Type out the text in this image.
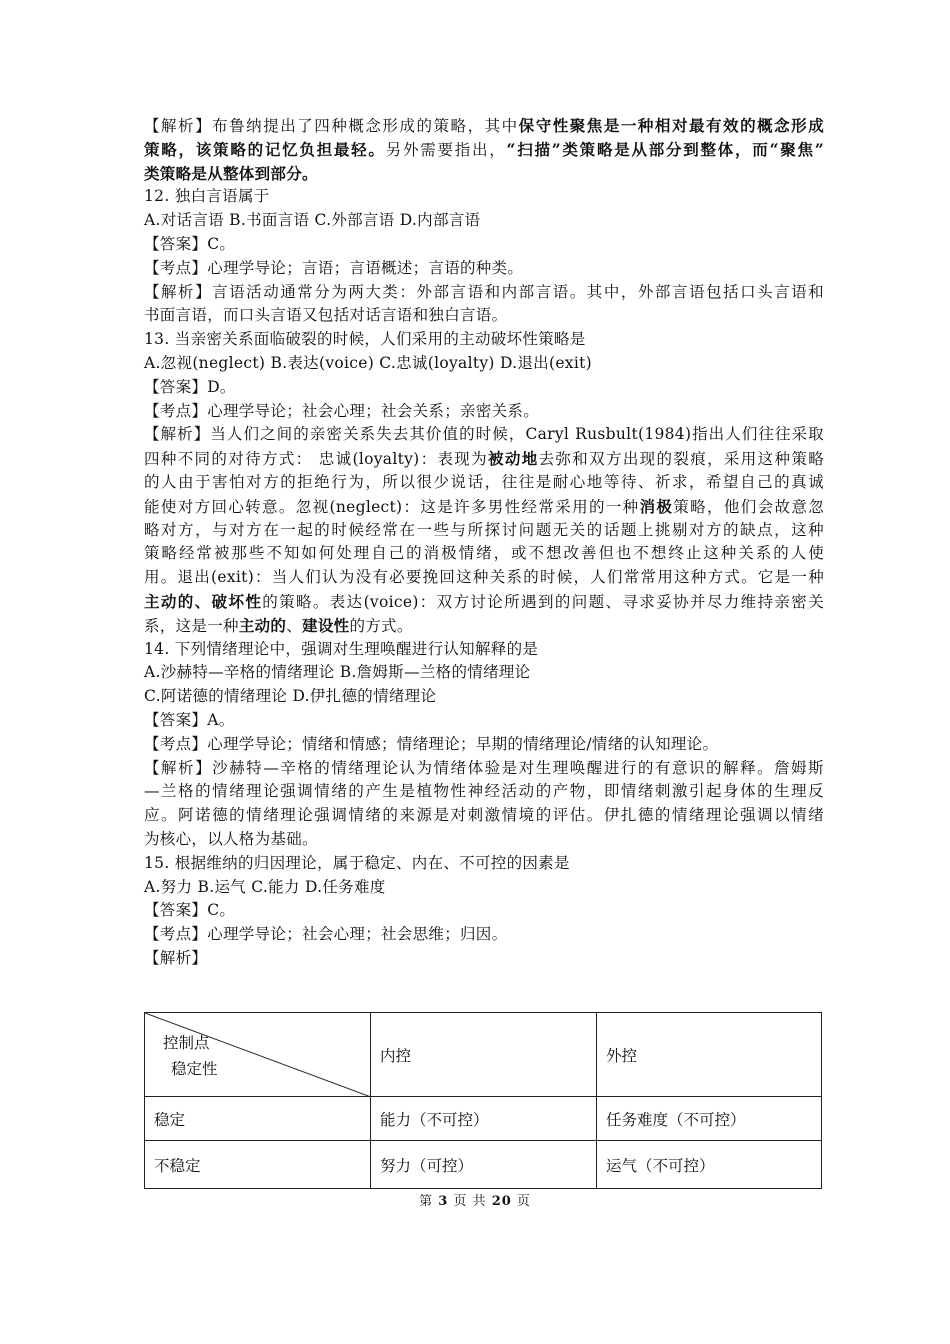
【解析】布鲁纳提出了四种概念形成的策略，其中保守性聚焦是一种相对最有效的概念形成
策略，该策略的记忆负担最轻。另外需要指出，“扫描”类策略是从部分到整体，而“聚焦”
类策略是从整体到部分。
12. 独白言语属于
A.对话言语 B.书面言语 C.外部言语 D.内部言语
【答案】C。
【考点】心理学导论；言语；言语概述；言语的种类。
【解析】言语活动通常分为两大类：外部言语和内部言语。其中，外部言语包括口头言语和
书面言语，而口头言语又包括对话言语和独白言语。
13. 当亲密关系面临破裂的时候，人们采用的主动破坏性策略是
A.忽视(neglect) B.表达(voice) C.忠诚(loyalty) D.退出(exit)
【答案】D。
【考点】心理学导论；社会心理；社会关系；亲密关系。
【解析】当人们之间的亲密关系失去其价值的时候，Caryl Rusbult(1984)指出人们往往采取
四种不同的对待方式： 忠诚(loyalty)：表现为被动地去弥和双方出现的裂痕，采用这种策略
的人由于害怕对方的拒绝行为，所以很少说话，往往是耐心地等待、祈求，希望自己的真诚
能使对方回心转意。忽视(neglect)：这是许多男性经常采用的一种消极策略，他们会故意忽
略对方，与对方在一起的时候经常在一些与所探讨问题无关的话题上挑剔对方的缺点，这种
策略经常被那些不知如何处理自己的消极情绪，或不想改善但也不想终止这种关系的人使
用。退出(exit)：当人们认为没有必要挽回这种关系的时候，人们常常用这种方式。它是一种
主动的、破坏性的策略。表达(voice)：双方讨论所遇到的问题、寻求妥协并尽力维持亲密关
系，这是一种主动的、建设性的方式。
14. 下列情绪理论中，强调对生理唤醒进行认知解释的是
A.沙赫特—辛格的情绪理论 B.詹姆斯—兰格的情绪理论
C.阿诺德的情绪理论 D.伊扎德的情绪理论
【答案】A。
【考点】心理学导论；情绪和情感；情绪理论；早期的情绪理论/情绪的认知理论。
【解析】沙赫特—辛格的情绪理论认为情绪体验是对生理唤醒进行的有意识的解释。詹姆斯
—兰格的情绪理论强调情绪的产生是植物性神经活动的产物，即情绪刺激引起身体的生理反
应。阿诺德的情绪理论强调情绪的来源是对刺激情境的评估。伊扎德的情绪理论强调以情绪
为核心，以人格为基础。
15. 根据维纳的归因理论，属于稳定、内在、不可控的因素是
A.努力 B.运气 C.能力 D.任务难度
【答案】C。
【考点】心理学导论；社会心理；社会思维；归因。
【解析】
控制点
稳定性	内控	外控
稳定	能力（不可控）	任务难度（不可控）
不稳定	努力（可控）	运气（不可控）
第 3 页 共 20 页
